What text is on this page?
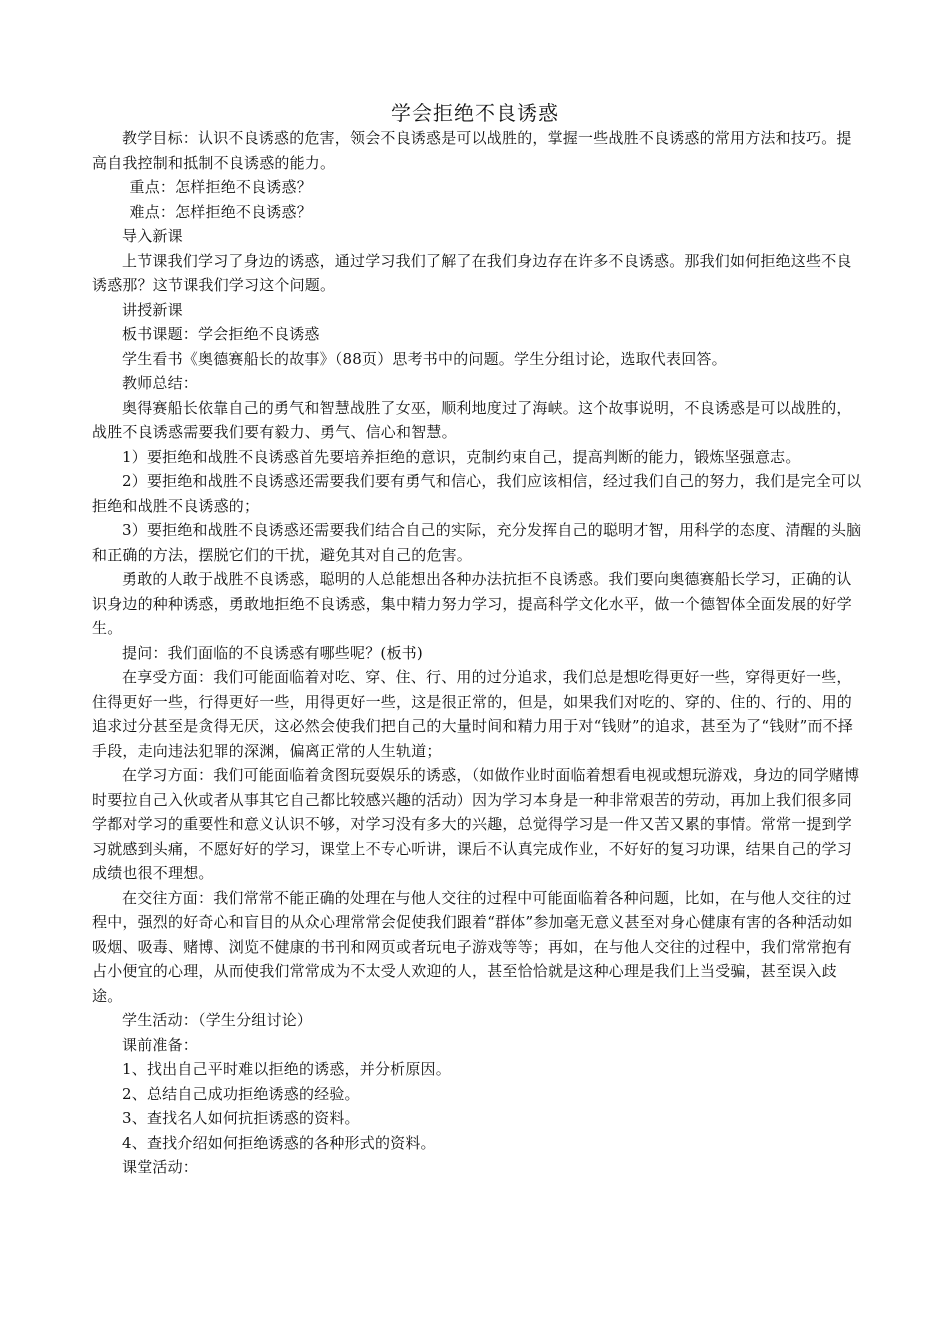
学会拒绝不良诱惑

教学目标：认识不良诱惑的危害，领会不良诱惑是可以战胜的，掌握一些战胜不良诱惑的常用方法和技巧。提高自我控制和抵制不良诱惑的能力。

重点：怎样拒绝不良诱惑？

难点：怎样拒绝不良诱惑？

导入新课

上节课我们学习了身边的诱惑，通过学习我们了解了在我们身边存在许多不良诱惑。那我们如何拒绝这些不良诱惑那？这节课我们学习这个问题。

讲授新课

板书课题：学会拒绝不良诱惑

学生看书《奥德赛船长的故事》（88页）思考书中的问题。学生分组讨论，选取代表回答。

教师总结：

奥得赛船长依靠自己的勇气和智慧战胜了女巫，顺利地度过了海峡。这个故事说明，不良诱惑是可以战胜的，战胜不良诱惑需要我们要有毅力、勇气、信心和智慧。

1）要拒绝和战胜不良诱惑首先要培养拒绝的意识，克制约束自己，提高判断的能力，锻炼坚强意志。

2）要拒绝和战胜不良诱惑还需要我们要有勇气和信心，我们应该相信，经过我们自己的努力，我们是完全可以拒绝和战胜不良诱惑的；

3）要拒绝和战胜不良诱惑还需要我们结合自己的实际，充分发挥自己的聪明才智，用科学的态度、清醒的头脑和正确的方法，摆脱它们的干扰，避免其对自己的危害。

勇敢的人敢于战胜不良诱惑，聪明的人总能想出各种办法抗拒不良诱惑。我们要向奥德赛船长学习，正确的认识身边的种种诱惑，勇敢地拒绝不良诱惑，集中精力努力学习，提高科学文化水平，做一个德智体全面发展的好学生。

提问：我们面临的不良诱惑有哪些呢？(板书)

在享受方面：我们可能面临着对吃、穿、住、行、用的过分追求，我们总是想吃得更好一些，穿得更好一些，住得更好一些，行得更好一些，用得更好一些，这是很正常的，但是，如果我们对吃的、穿的、住的、行的、用的追求过分甚至是贪得无厌，这必然会使我们把自己的大量时间和精力用于对“钱财”的追求，甚至为了“钱财”而不择手段，走向违法犯罪的深渊，偏离正常的人生轨道；

在学习方面：我们可能面临着贪图玩耍娱乐的诱惑，（如做作业时面临着想看电视或想玩游戏，身边的同学赌博时要拉自己入伙或者从事其它自己都比较感兴趣的活动）因为学习本身是一种非常艰苦的劳动，再加上我们很多同学都对学习的重要性和意义认识不够，对学习没有多大的兴趣，总觉得学习是一件又苦又累的事情。常常一提到学习就感到头痛，不愿好好的学习，课堂上不专心听讲，课后不认真完成作业，不好好的复习功课，结果自己的学习成绩也很不理想。

在交往方面：我们常常不能正确的处理在与他人交往的过程中可能面临着各种问题，比如，在与他人交往的过程中，强烈的好奇心和盲目的从众心理常常会促使我们跟着“群体”参加毫无意义甚至对身心健康有害的各种活动如吸烟、吸毒、赌博、浏览不健康的书刊和网页或者玩电子游戏等等；再如，在与他人交往的过程中，我们常常抱有占小便宜的心理，从而使我们常常成为不太受人欢迎的人，甚至恰恰就是这种心理是我们上当受骗，甚至误入歧途。

学生活动：（学生分组讨论）

课前准备：

1、找出自己平时难以拒绝的诱惑，并分析原因。

2、总结自己成功拒绝诱惑的经验。

3、查找名人如何抗拒诱惑的资料。

4、查找介绍如何拒绝诱惑的各种形式的资料。

课堂活动：
